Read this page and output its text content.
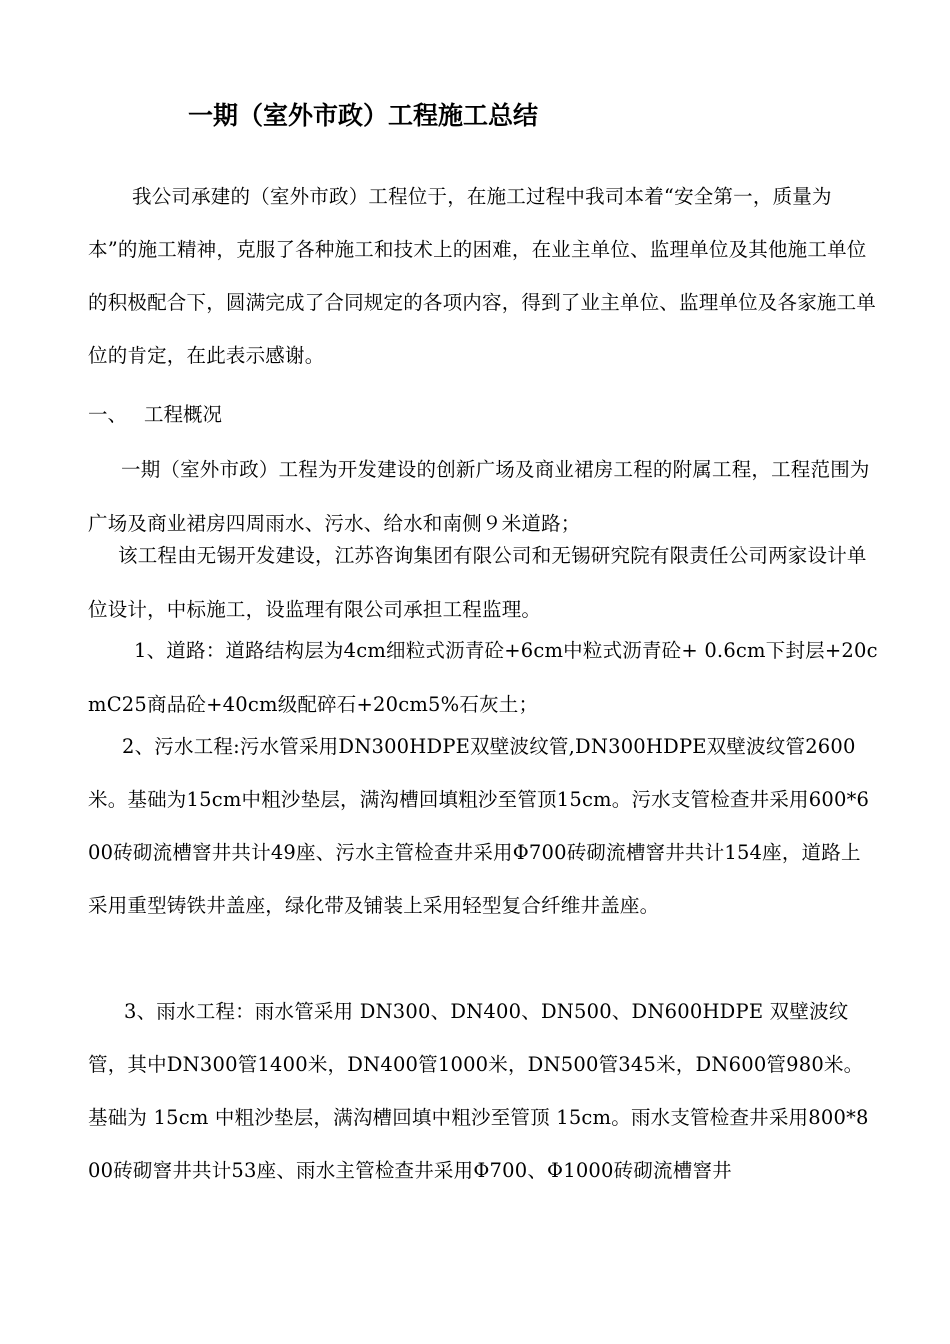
一期（室外市政）工程施工总结

我公司承建的（室外市政）工程位于，在施工过程中我司本着“安全第一，质量为本”的施工精神，克服了各种施工和技术上的困难，在业主单位、监理单位及其他施工单位的积极配合下，圆满完成了合同规定的各项内容，得到了业主单位、监理单位及各家施工单位的肯定，在此表示感谢。

一、 工程概况

一期（室外市政）工程为开发建设的创新广场及商业裙房工程的附属工程，工程范围为广场及商业裙房四周雨水、污水、给水和南侧９米道路；

该工程由无锡开发建设，江苏咨询集团有限公司和无锡研究院有限责任公司两家设计单位设计，中标施工，设监理有限公司承担工程监理。

1、道路：道路结构层为4cm细粒式沥青砼+6cm中粒式沥青砼+ 0.6cm下封层+20cmC25商品砼+40cm级配碎石+20cm5%石灰土；

2、污水工程:污水管采用DN300HDPE双壁波纹管,DN300HDPE双壁波纹管2600米。基础为15cm中粗沙垫层，满沟槽回填粗沙至管顶15cm。污水支管检查井采用600*600砖砌流槽窨井共计49座、污水主管检查井采用Φ700砖砌流槽窨井共计154座，道路上采用重型铸铁井盖座，绿化带及铺装上采用轻型复合纤维井盖座。

3、雨水工程：雨水管采用 DN300、DN400、DN500、DN600HDPE 双壁波纹管，其中DN300管1400米，DN400管1000米，DN500管345米，DN600管980米。基础为 15cm 中粗沙垫层，满沟槽回填中粗沙至管顶 15cm。雨水支管检查井采用800*800砖砌窨井共计53座、雨水主管检查井采用Φ700、Φ1000砖砌流槽窨井
